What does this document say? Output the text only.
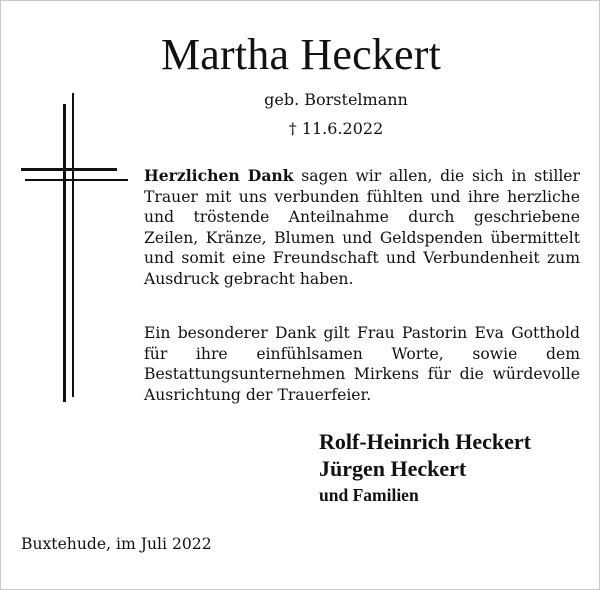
Martha Heckert
geb. Borstelmann
† 11.6.2022
Herzlichen Dank sagen wir allen, die sich in stiller Trauer mit uns verbunden fühlten und ihre herzliche und tröstende Anteilnahme durch geschriebene Zeilen, Kränze, Blumen und Geldspenden übermittelt und somit eine Freundschaft und Verbundenheit zum Ausdruck gebracht haben.
Ein besonderer Dank gilt Frau Pastorin Eva Gotthold für ihre einfühlsamen Worte, sowie dem Bestattungsunternehmen Mirkens für die würdevolle Ausrichtung der Trauerfeier.
Rolf-Heinrich Heckert
Jürgen Heckert
und Familien
Buxtehude, im Juli 2022
